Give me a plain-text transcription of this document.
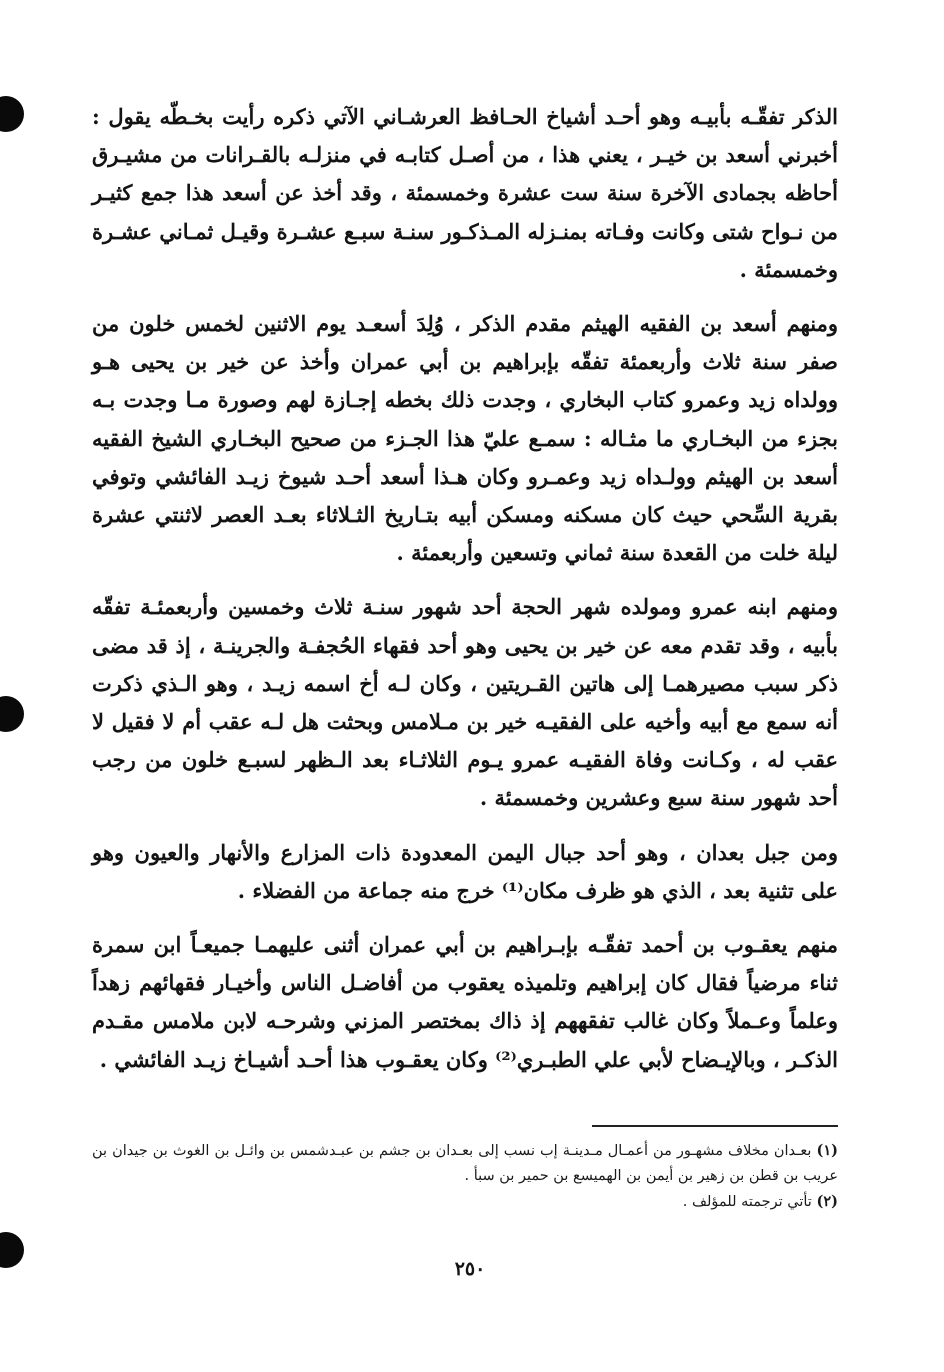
الذكر تفقّـه بأبيـه وهو أحـد أشياخ الحـافظ العرشـاني الآتي ذكره رأيت بخـطّه يقول : أخبرني أسعد بن خيـر ، يعني هذا ، من أصـل كتابـه في منزلـه بالقـرانات من مشيـرق أحاظه بجمادى الآخرة سنة ست عشرة وخمسمئة ، وقد أخذ عن أسعد هذا جمع كثيـر من نـواح شتى وكانت وفـاته بمنـزله المـذكـور سنـة سبـع عشـرة وقيـل ثمـاني عشـرة وخمسمئة .

ومنهم أسعد بن الفقيه الهيثم مقدم الذكر ، وُلِدَ أسعـد يوم الاثنين لخمس خلون من صفر سنة ثلاث وأربعمئة تفقّه بإبراهيم بن أبي عمران وأخذ عن خير بن يحيى هـو وولداه زيد وعمرو كتاب البخاري ، وجدت ذلك بخطه إجـازة لهم وصورة مـا وجدت بـه بجزء من البخـاري ما مثـاله : سمـع عليّ هذا الجـزء من صحيح البخـاري الشيخ الفقيه أسعد بن الهيثم وولـداه زيد وعمـرو وكان هـذا أسعد أحـد شيوخ زيـد الفائشي وتوفي بقرية السِّحي حيث كان مسكنه ومسكن أبيه بتـاريخ الثـلاثاء بعـد العصر لاثنتي عشرة ليلة خلت من القعدة سنة ثماني وتسعين وأربعمئة .

ومنهم ابنه عمرو ومولده شهر الحجة أحد شهور سنـة ثلاث وخمسين وأربعمئـة تفقّه بأبيه ، وقد تقدم معه عن خير بن يحيى وهو أحد فقهاء الحُجفـة والجرينـة ، إذ قد مضى ذكر سبب مصيرهمـا إلى هاتين القـريتين ، وكان لـه أخ اسمه زيـد ، وهو الـذي ذكرت أنه سمع مع أبيه وأخيه على الفقيـه خير بن مـلامس وبحثت هل لـه عقب أم لا فقيل لا عقب له ، وكـانت وفاة الفقيـه عمرو يـوم الثلاثـاء بعد الـظهر لسبـع خلون من رجب أحد شهور سنة سبع وعشرين وخمسمئة .

ومن جبل بعدان ، وهو أحد جبال اليمن المعدودة ذات المزارع والأنهار والعيون وهو على تثنية بعد ، الذي هو ظرف مكان⁽¹⁾ خرج منه جماعة من الفضلاء .

منهم يعقـوب بن أحمد تفقّـه بإبـراهيم بن أبي عمران أثنى عليهمـا جميعـاً ابن سمرة ثناء مرضياً فقال كان إبراهيم وتلميذه يعقوب من أفاضـل الناس وأخيـار فقهائهم زهداً وعلماً وعـملاً وكان غالب تفقههم إذ ذاك بمختصر المزني وشرحـه لابن ملامس مقـدم الذكـر ، وبالإيـضاح لأبي علي الطبـري⁽²⁾ وكان يعقـوب هذا أحـد أشيـاخ زيـد الفائشي .

(١) بعـدان مخلاف مشهـور من أعمـال مـدينـة إب نسب إلى بعـدان بن جشم بن عبـدشمس بن وائـل بن الغوث بن جيدان بن عريب بن قطن بن زهير بن أيمن بن الهميسع بن حمير بن سبأ .

(٢) تأتي ترجمته للمؤلف .

٢٥٠
